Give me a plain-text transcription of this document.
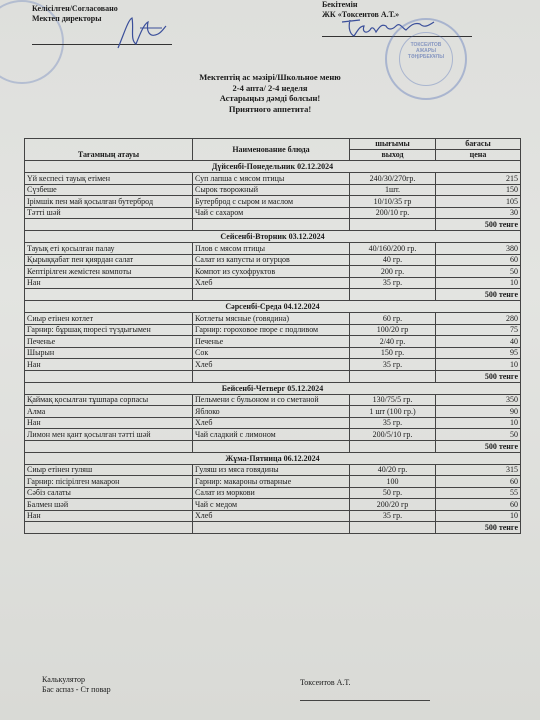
Келісілген/Согласовано
Мектеп директоры
Бекітемін
ЖК «Токсеитов А.Т.»
ТОКСЕИТОВ
АЖАРЫ
ТӘҢІРБЕКҰЛЫ
Мектептің ас мәзірі/Школьное меню
2-4 апта/ 2-4 неделя
Астарыңыз дәмді болсын!
Приятного аппетита!
Тағамның атауы	Наименование блюда	шығымы	бағасы
		выход	цена
Дүйсенбі-Понедельник 02.12.2024			
Үй кеспесі тауық етімен	Суп лапша с мясом птицы	240/30/270гр.	215
Сүзбеше	Сырок творожный	1шт.	150
Ірімшік пен май қосылған бутерброд	Бутерброд с сыром и маслом	10/10/35 гр	105
Тәтті шәй	Чай с сахаром	200/10 гр.	30
			500 тенге
Сейсенбі-Вторник 03.12.2024			
Тауық еті қосылған палау	Плов с мясом птицы	40/160/200 гр.	380
Қырыққабат пен қиярдан салат	Салат из капусты и огурцов	40 гр.	60
Кептірілген жемістен компоты	Компот из сухофруктов	200 гр.	50
Нан	Хлеб	35 гр.	10
			500 тенге
Сәрсенбі-Среда 04.12.2024			
Сиыр етінен котлет	Котлеты мясные (говядина)	60 гр.	280
Гарнир: бұршақ пюресі түздығымен	Гарнир: гороховое пюре с подливом	100/20 гр	75
Печенье	Печенье	2/40 гр.	40
Шырын	Сок	150 гр.	95
Нан	Хлеб	35 гр.	10
			500 тенге
Бейсенбі-Четверг 05.12.2024			
Қаймақ қосылған тұшпара сорпасы	Пельмени с бульоном и со сметаной	130/75/5 гр.	350
Алма	Яблоко	1 шт (100 гр.)	90
Нан	Хлеб	35 гр.	10
Лимон мен қант қосылған тәтті шәй	Чай сладкий с лимоном	200/5/10 гр.	50
			500 тенге
Жұма-Пятница 06.12.2024			
Сиыр етінен гуляш	Гуляш из мяса говядины	40/20 гр.	315
Гарнир: пісірілген макарон	Гарнир: макароны отварные	100	60
Сәбіз салаты	Салат из моркови	50 гр.	55
Балмен шәй	Чай с медом	200/20 гр	60
Нан	Хлеб	35 гр.	10
			500 тенге
Калькулятор
Бас аспаз - Ст повар
Токсеитов А.Т.
